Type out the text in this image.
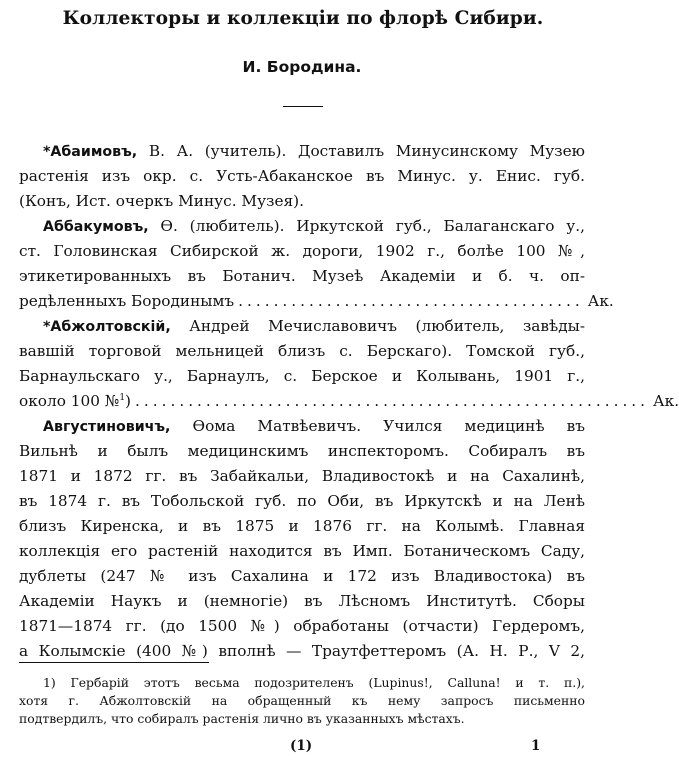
Коллекторы и коллекціи по флорѣ Сибири.
И. Бородина.
*Абаимовъ, В. А. (учитель). Доставилъ Минусинскому Музею
растенія изъ окр. с. Усть-Абаканское въ Минус. у. Енис. губ.
(Конъ, Ист. очеркъ Минус. Музея).
Аббакумовъ, Ѳ. (любитель). Иркутской губ., Балаганскаго у.,
ст. Головинская Сибирской ж. дороги, 1902 г., болѣе 100 №,
этикетированныхъ въ Ботанич. Музеѣ Академіи и б. ч. оп-
редѣленныхъ Бородинымъ ....................................... Ак.
*Абжолтовскій, Андрей Мечиславовичъ (любитель, завѣды-
вавшій торговой мельницей близъ с. Берскаго). Томской губ.,
Барнаульскаго у., Барнаулъ, с. Берское и Колывань, 1901 г.,
около 100 №$^1$) .......................................................... Ак.
Августиновичъ, Ѳома Матвѣевичъ. Учился медицинѣ въ
Вильнѣ и былъ медицинскимъ инспекторомъ. Собиралъ въ
1871 и 1872 гг. въ Забайкальи, Владивостокѣ и на Сахалинѣ,
въ 1874 г. въ Тобольской губ. по Оби, въ Иркутскѣ и на Ленѣ
близъ Киренска, и въ 1875 и 1876 гг. на Колымѣ. Главная
коллекція его растеній находится въ Имп. Ботаническомъ Саду,
дублеты (247 № изъ Сахалина и 172 изъ Владивостока) въ
Академіи Наукъ и (немногіе) въ Лѣсномъ Институтѣ. Сборы
1871—1874 гг. (до 1500 №) обработаны (отчасти) Гердеромъ,
а Колымскіе (400 №) вполнѣ — Траутфеттеромъ (А. Н. Р., V 2,
1) Гербарій этотъ весьма подозрителенъ (Lupinus!, Calluna! и т. п.),
хотя г. Абжолтовскій на обращенный къ нему запросъ письменно
подтвердилъ, что собиралъ растенія лично въ указанныхъ мѣстахъ.
(1)	1
